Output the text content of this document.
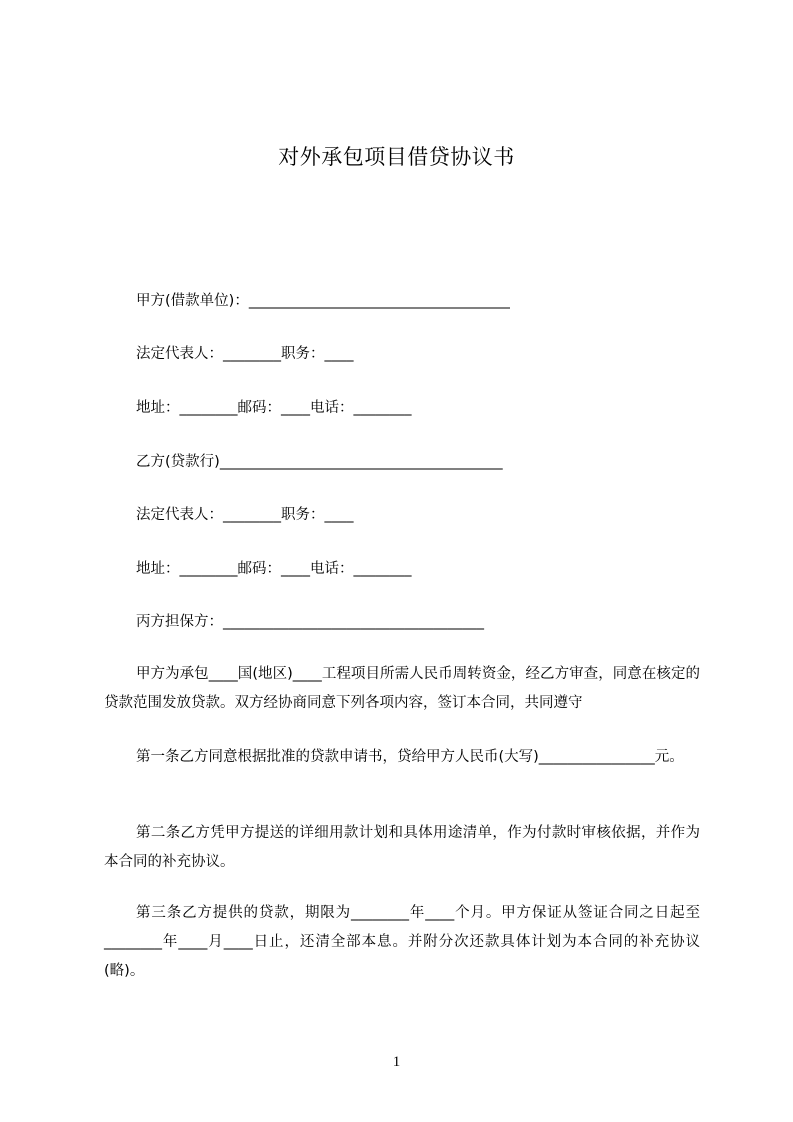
对外承包项目借贷协议书
甲方(借款单位)：____________________________________
法定代表人：________职务：____
地址：________邮码：____电话：________
乙方(贷款行)_______________________________________
法定代表人：________职务：____
地址：________邮码：____电话：________
丙方担保方：____________________________________
甲方为承包____国(地区)____工程项目所需人民币周转资金，经乙方审查，同意在核定的贷款范围发放贷款。双方经协商同意下列各项内容，签订本合同，共同遵守
第一条乙方同意根据批准的贷款申请书，贷给甲方人民币(大写)________________元。
第二条乙方凭甲方提送的详细用款计划和具体用途清单，作为付款时审核依据，并作为本合同的补充协议。
第三条乙方提供的贷款，期限为________年____个月。甲方保证从签证合同之日起至________年____月____日止，还清全部本息。并附分次还款具体计划为本合同的补充协议(略)。
1
